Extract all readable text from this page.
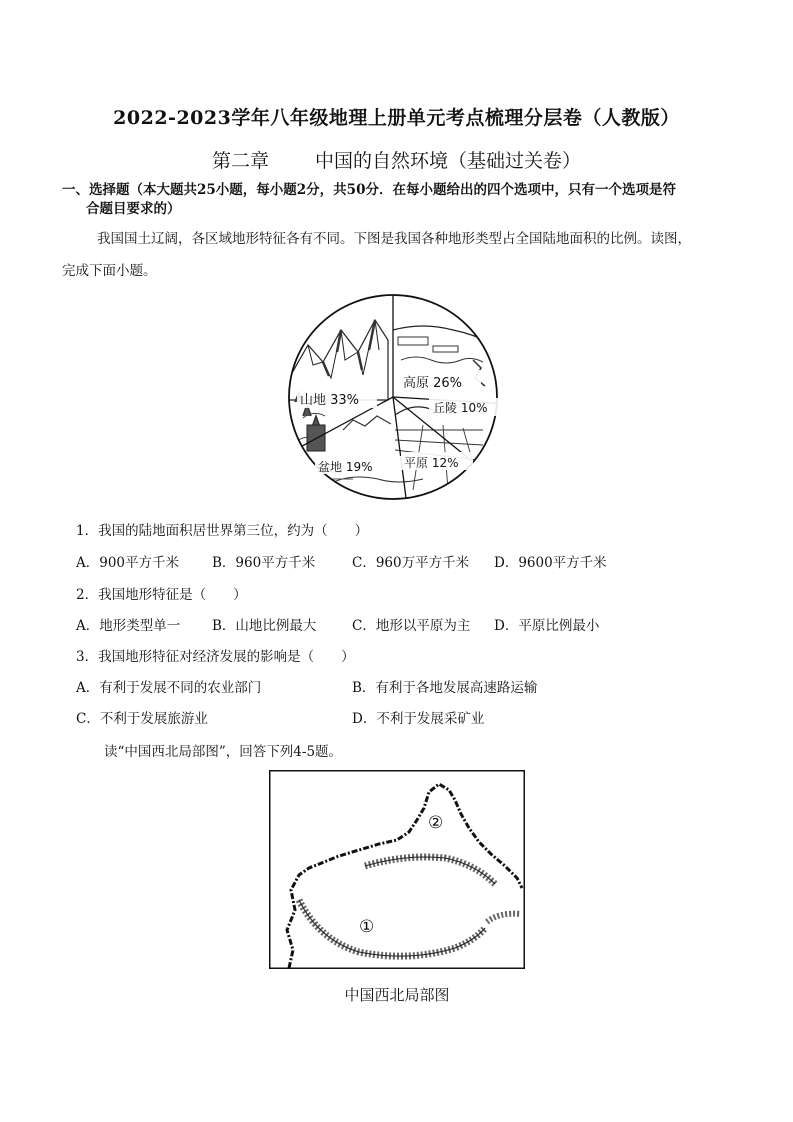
2022-2023学年八年级地理上册单元考点梳理分层卷（人教版）
第二章 中国的自然环境（基础过关卷）
一、选择题（本大题共25小题，每小题2分，共50分．在每小题给出的四个选项中，只有一个选项是符
合题目要求的）
我国国土辽阔，各区域地形特征各有不同。下图是我国各种地形类型占全国陆地面积的比例。读图，
完成下面小题。
高原 26%
丘陵 10%
平原 12%
盆地 19%
山地 33%
1．我国的陆地面积居世界第三位，约为（　　）
A．900平方千米 B．960平方千米	C．960万平方千米 D．9600平方千米
2．我国地形特征是（　　）
A．地形类型单一 B．山地比例最大	C．地形以平原为主 D．平原比例最小
3．我国地形特征对经济发展的影响是（　　）
A．有利于发展不同的农业部门	B．有利于各地发展高速路运输
C．不利于发展旅游业	D．不利于发展采矿业
读“中国西北局部图”，回答下列4-5题。
②
①
中国西北局部图
